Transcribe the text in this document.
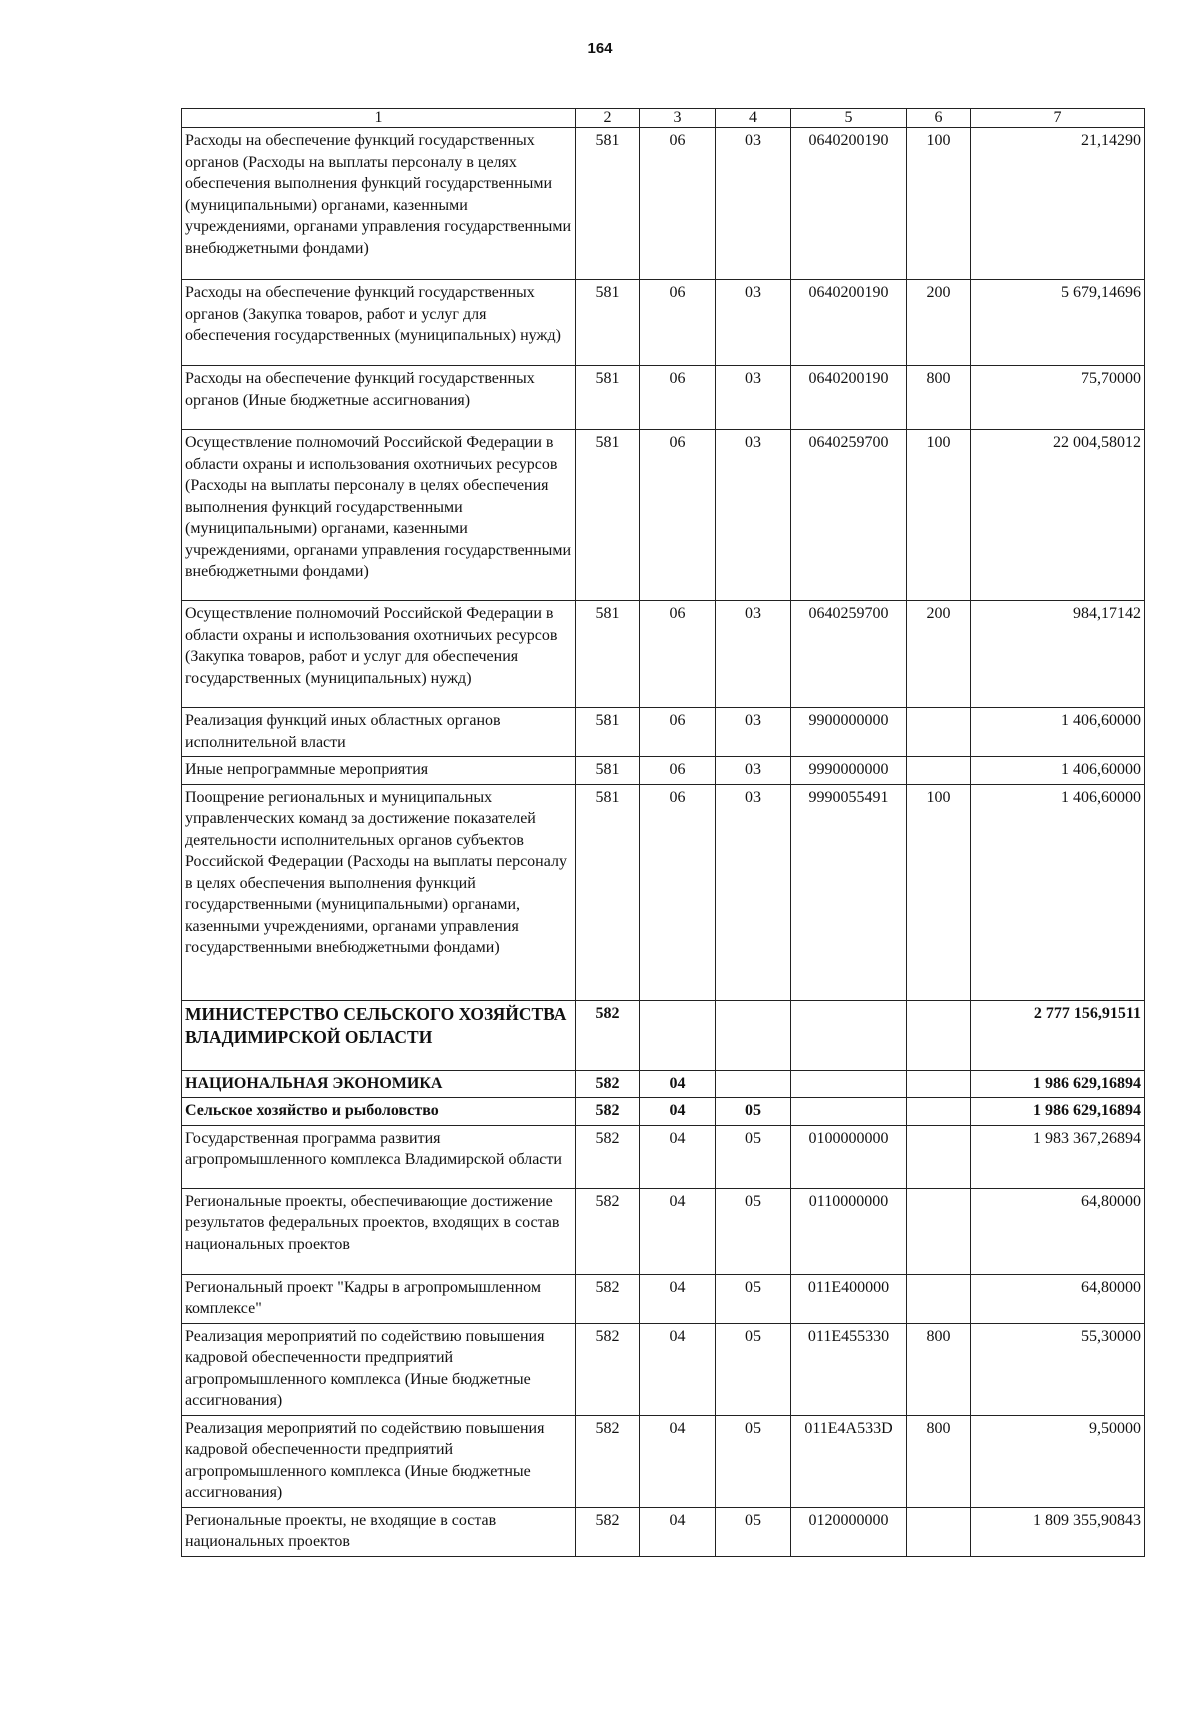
164
1	2	3	4	5	6	7
Расходы на обеспечение функций государственных органов (Расходы на выплаты персоналу в целях обеспечения выполнения функций государственными (муниципальными) органами, казенными учреждениями, органами управления государственными внебюджетными фондами)	581	06	03	0640200190	100	21,14290
Расходы на обеспечение функций государственных органов (Закупка товаров, работ и услуг для обеспечения государственных (муниципальных) нужд)	581	06	03	0640200190	200	5 679,14696
Расходы на обеспечение функций государственных органов (Иные бюджетные ассигнования)	581	06	03	0640200190	800	75,70000
Осуществление полномочий Российской Федерации в области охраны и использования охотничьих ресурсов (Расходы на выплаты персоналу в целях обеспечения выполнения функций государственными (муниципальными) органами, казенными учреждениями, органами управления государственными внебюджетными фондами)	581	06	03	0640259700	100	22 004,58012
Осуществление полномочий Российской Федерации в области охраны и использования охотничьих ресурсов (Закупка товаров, работ и услуг для обеспечения государственных (муниципальных) нужд)	581	06	03	0640259700	200	984,17142
Реализация функций иных областных органов исполнительной власти	581	06	03	9900000000		1 406,60000
Иные непрограммные мероприятия	581	06	03	9990000000		1 406,60000
Поощрение региональных и муниципальных управленческих команд за достижение показателей деятельности исполнительных органов субъектов Российской Федерации (Расходы на выплаты персоналу в целях обеспечения выполнения функций государственными (муниципальными) органами, казенными учреждениями, органами управления государственными внебюджетными фондами)	581	06	03	9990055491	100	1 406,60000
МИНИСТЕРСТВО СЕЛЬСКОГО ХОЗЯЙСТВА ВЛАДИМИРСКОЙ ОБЛАСТИ	582					2 777 156,91511
НАЦИОНАЛЬНАЯ ЭКОНОМИКА	582	04				1 986 629,16894
Сельское хозяйство и рыболовство	582	04	05			1 986 629,16894
Государственная программа развития агропромышленного комплекса Владимирской области	582	04	05	0100000000		1 983 367,26894
Региональные проекты, обеспечивающие достижение результатов федеральных проектов, входящих в состав национальных проектов	582	04	05	0110000000		64,80000
Региональный проект "Кадры в агропромышленном комплексе"	582	04	05	011E400000		64,80000
Реализация мероприятий по содействию повышения кадровой обеспеченности предприятий агропромышленного комплекса (Иные бюджетные ассигнования)	582	04	05	011E455330	800	55,30000
Реализация мероприятий по содействию повышения кадровой обеспеченности предприятий агропромышленного комплекса (Иные бюджетные ассигнования)	582	04	05	011E4A533D	800	9,50000
Региональные проекты, не входящие в состав национальных проектов	582	04	05	0120000000		1 809 355,90843
